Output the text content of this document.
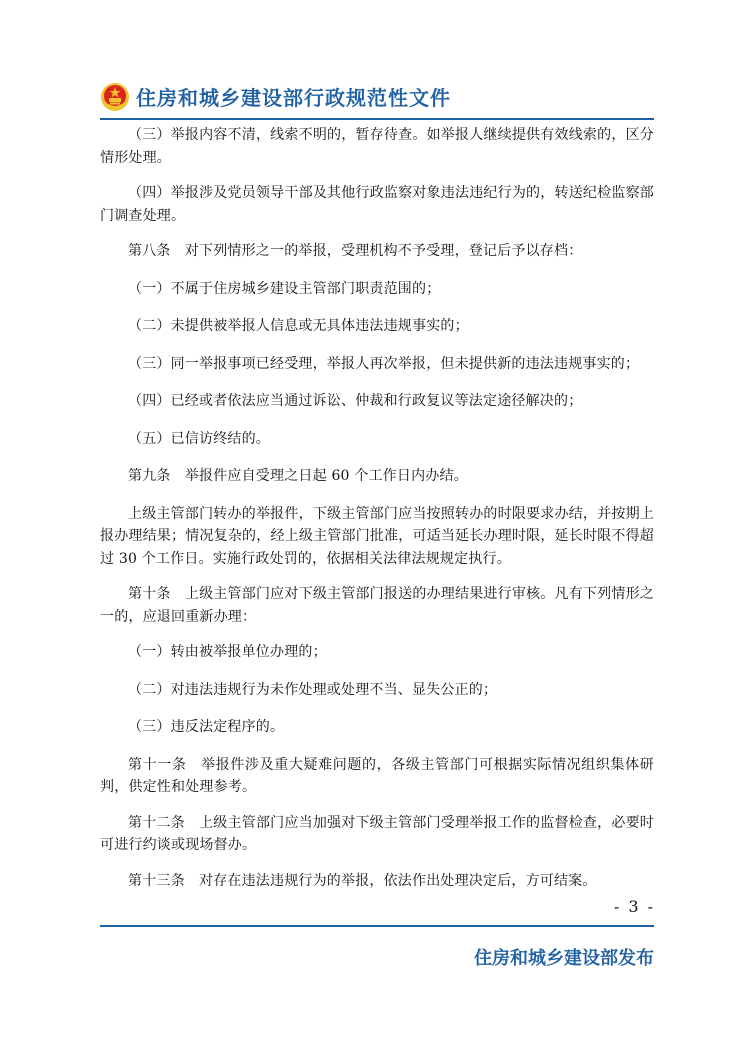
住房和城乡建设部行政规范性文件

（三）举报内容不清，线索不明的，暂存待查。如举报人继续提供有效线索的，区分情形处理。

（四）举报涉及党员领导干部及其他行政监察对象违法违纪行为的，转送纪检监察部门调查处理。

第八条　对下列情形之一的举报，受理机构不予受理，登记后予以存档：

（一）不属于住房城乡建设主管部门职责范围的；

（二）未提供被举报人信息或无具体违法违规事实的；

（三）同一举报事项已经受理，举报人再次举报，但未提供新的违法违规事实的；

（四）已经或者依法应当通过诉讼、仲裁和行政复议等法定途径解决的；

（五）已信访终结的。

第九条　举报件应自受理之日起 60 个工作日内办结。

上级主管部门转办的举报件，下级主管部门应当按照转办的时限要求办结，并按期上报办理结果；情况复杂的，经上级主管部门批准，可适当延长办理时限，延长时限不得超过 30 个工作日。实施行政处罚的，依据相关法律法规规定执行。

第十条　上级主管部门应对下级主管部门报送的办理结果进行审核。凡有下列情形之一的，应退回重新办理：

（一）转由被举报单位办理的；

（二）对违法违规行为未作处理或处理不当、显失公正的；

（三）违反法定程序的。

第十一条　举报件涉及重大疑难问题的，各级主管部门可根据实际情况组织集体研判，供定性和处理参考。

第十二条　上级主管部门应当加强对下级主管部门受理举报工作的监督检查，必要时可进行约谈或现场督办。

第十三条　对存在违法违规行为的举报，依法作出处理决定后，方可结案。

- 3 -
住房和城乡建设部发布
